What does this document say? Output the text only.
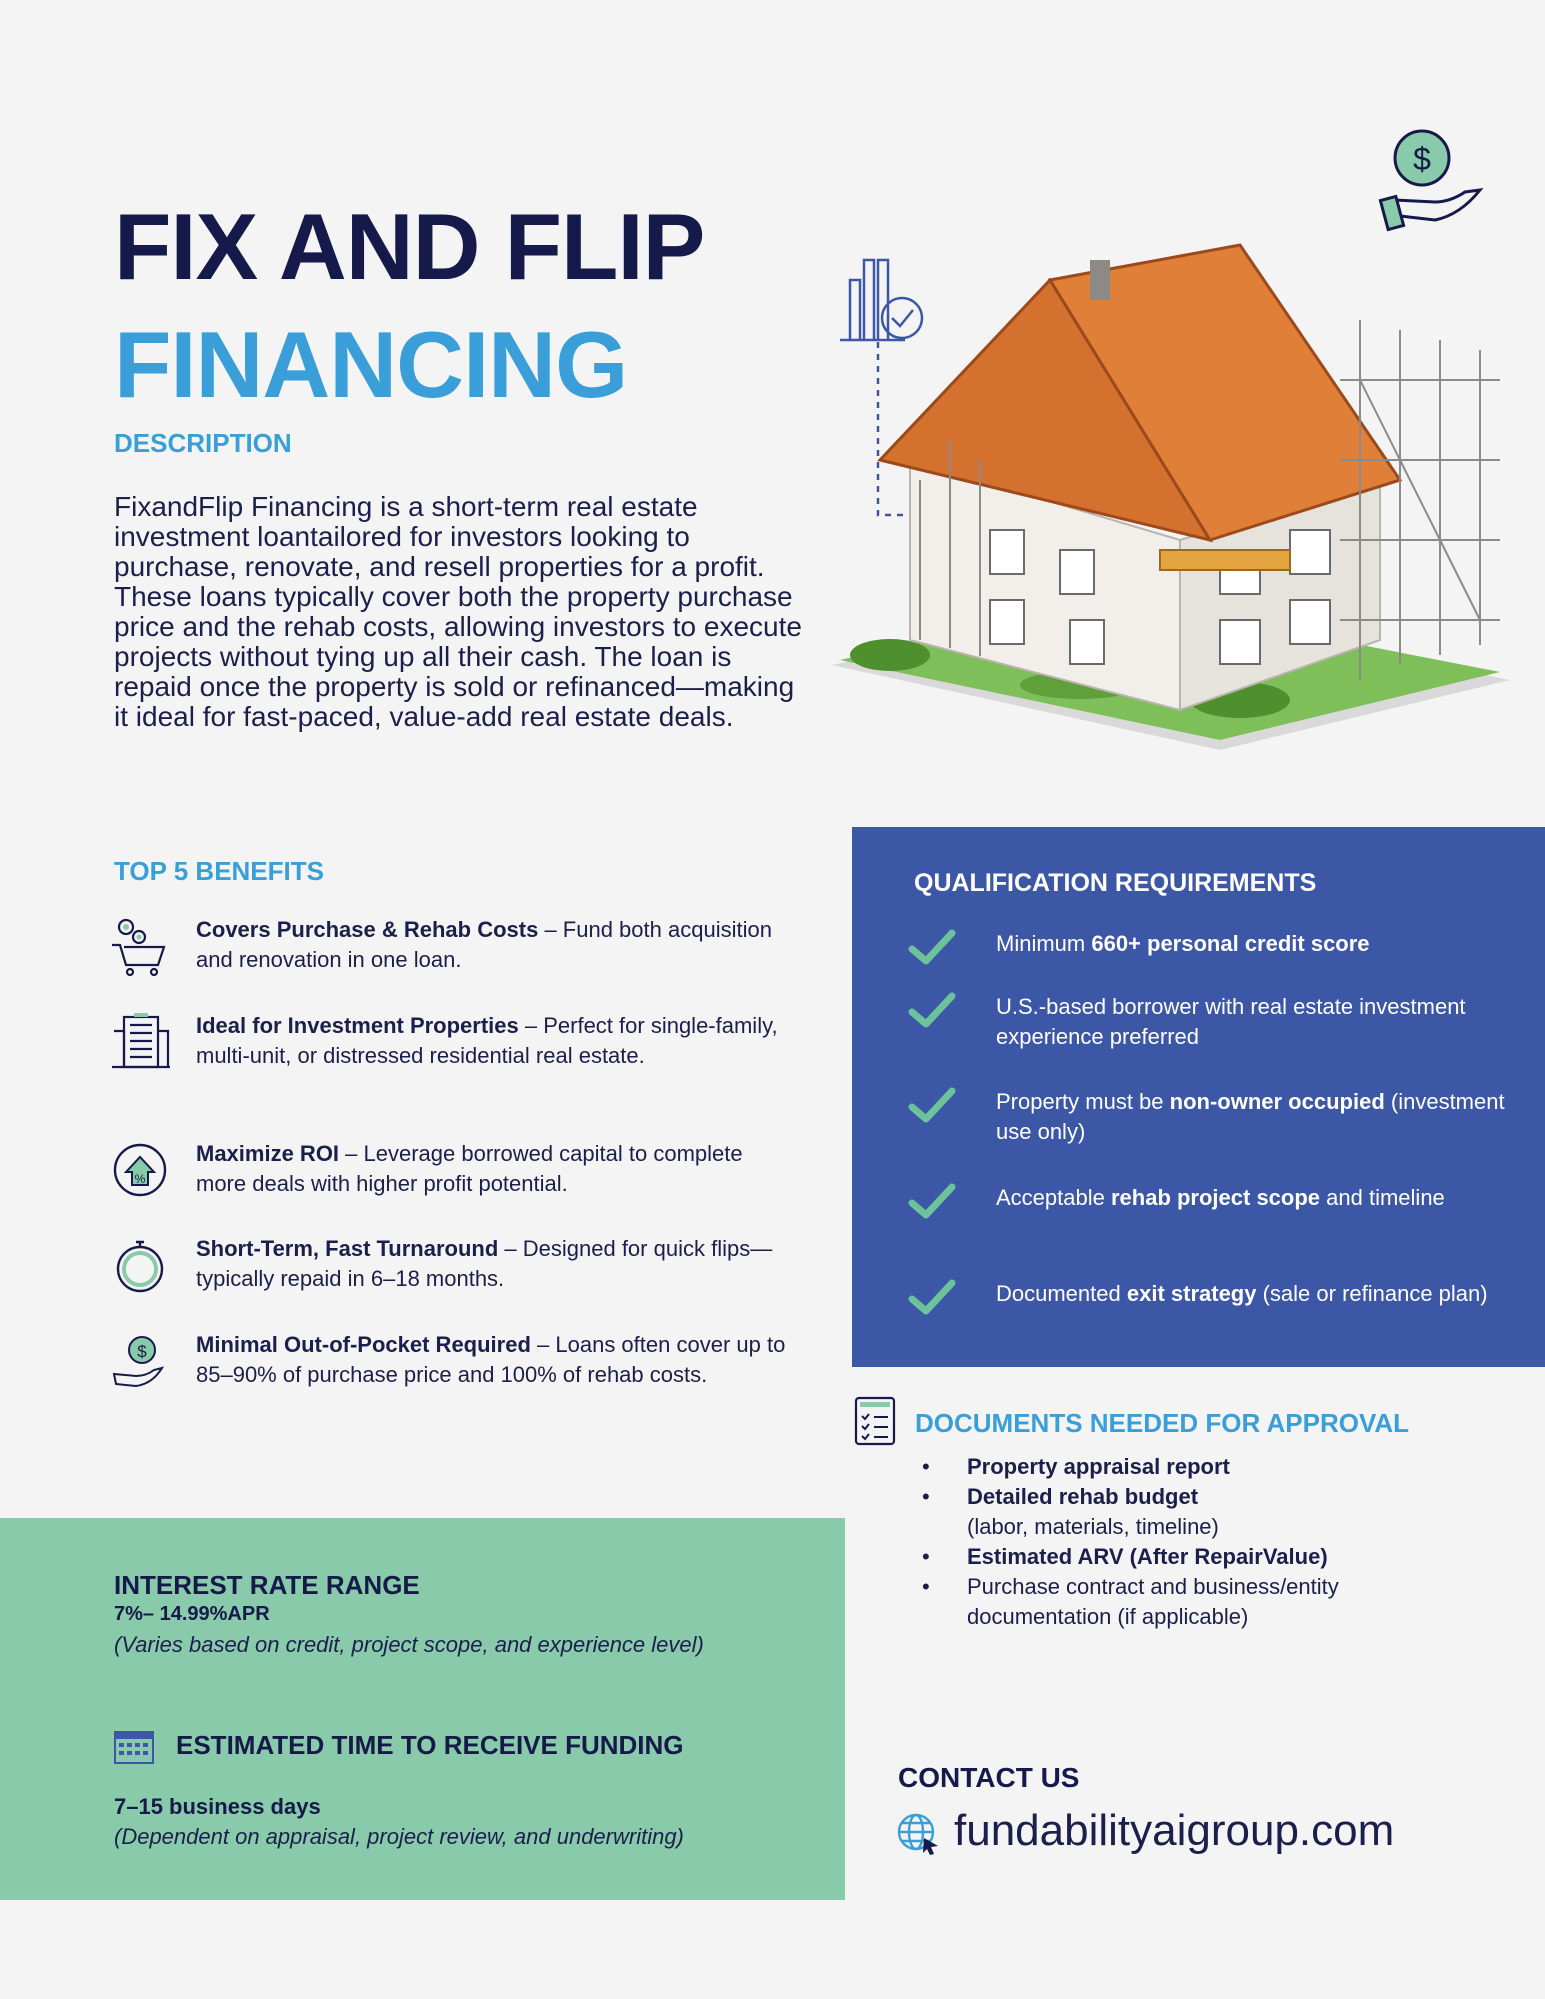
FIX AND FLIP
FINANCING
DESCRIPTION
FixandFlip Financing is a short-term real estate investment loantailored for investors looking to purchase, renovate, and resell properties for a profit. These loans typically cover both the property purchase price and the rehab costs, allowing investors to execute projects without tying up all their cash. The loan is repaid once the property is sold or refinanced—making it ideal for fast-paced, value-add real estate deals.
$
TOP 5 BENEFITS
Covers Purchase & Rehab Costs – Fund both acquisition and renovation in one loan.
Ideal for Investment Properties – Perfect for single-family, multi-unit, or distressed residential real estate.
%
Maximize ROI – Leverage borrowed capital to complete more deals with higher profit potential.
Short-Term, Fast Turnaround – Designed for quick flips—typically repaid in 6–18 months.
$ Minimal Out-of-Pocket Required – Loans often cover up to 85–90% of purchase price and 100% of rehab costs.
QUALIFICATION REQUIREMENTS
Minimum 660+ personal credit score
U.S.-based borrower with real estate investment experience preferred
Property must be non-owner occupied (investment use only)
Acceptable rehab project scope and timeline
Documented exit strategy (sale or refinance plan)
DOCUMENTS NEEDED FOR APPROVAL
• Property appraisal report
• Detailed rehab budget
(labor, materials, timeline)
• Estimated ARV (After RepairValue)
• Purchase contract and business/entity documentation (if applicable)
INTEREST RATE RANGE
7%– 14.99%APR
(Varies based on credit, project scope, and experience level)
ESTIMATED TIME TO RECEIVE FUNDING
7–15 business days
(Dependent on appraisal, project review, and underwriting)
CONTACT US
fundabilityaigroup.com
